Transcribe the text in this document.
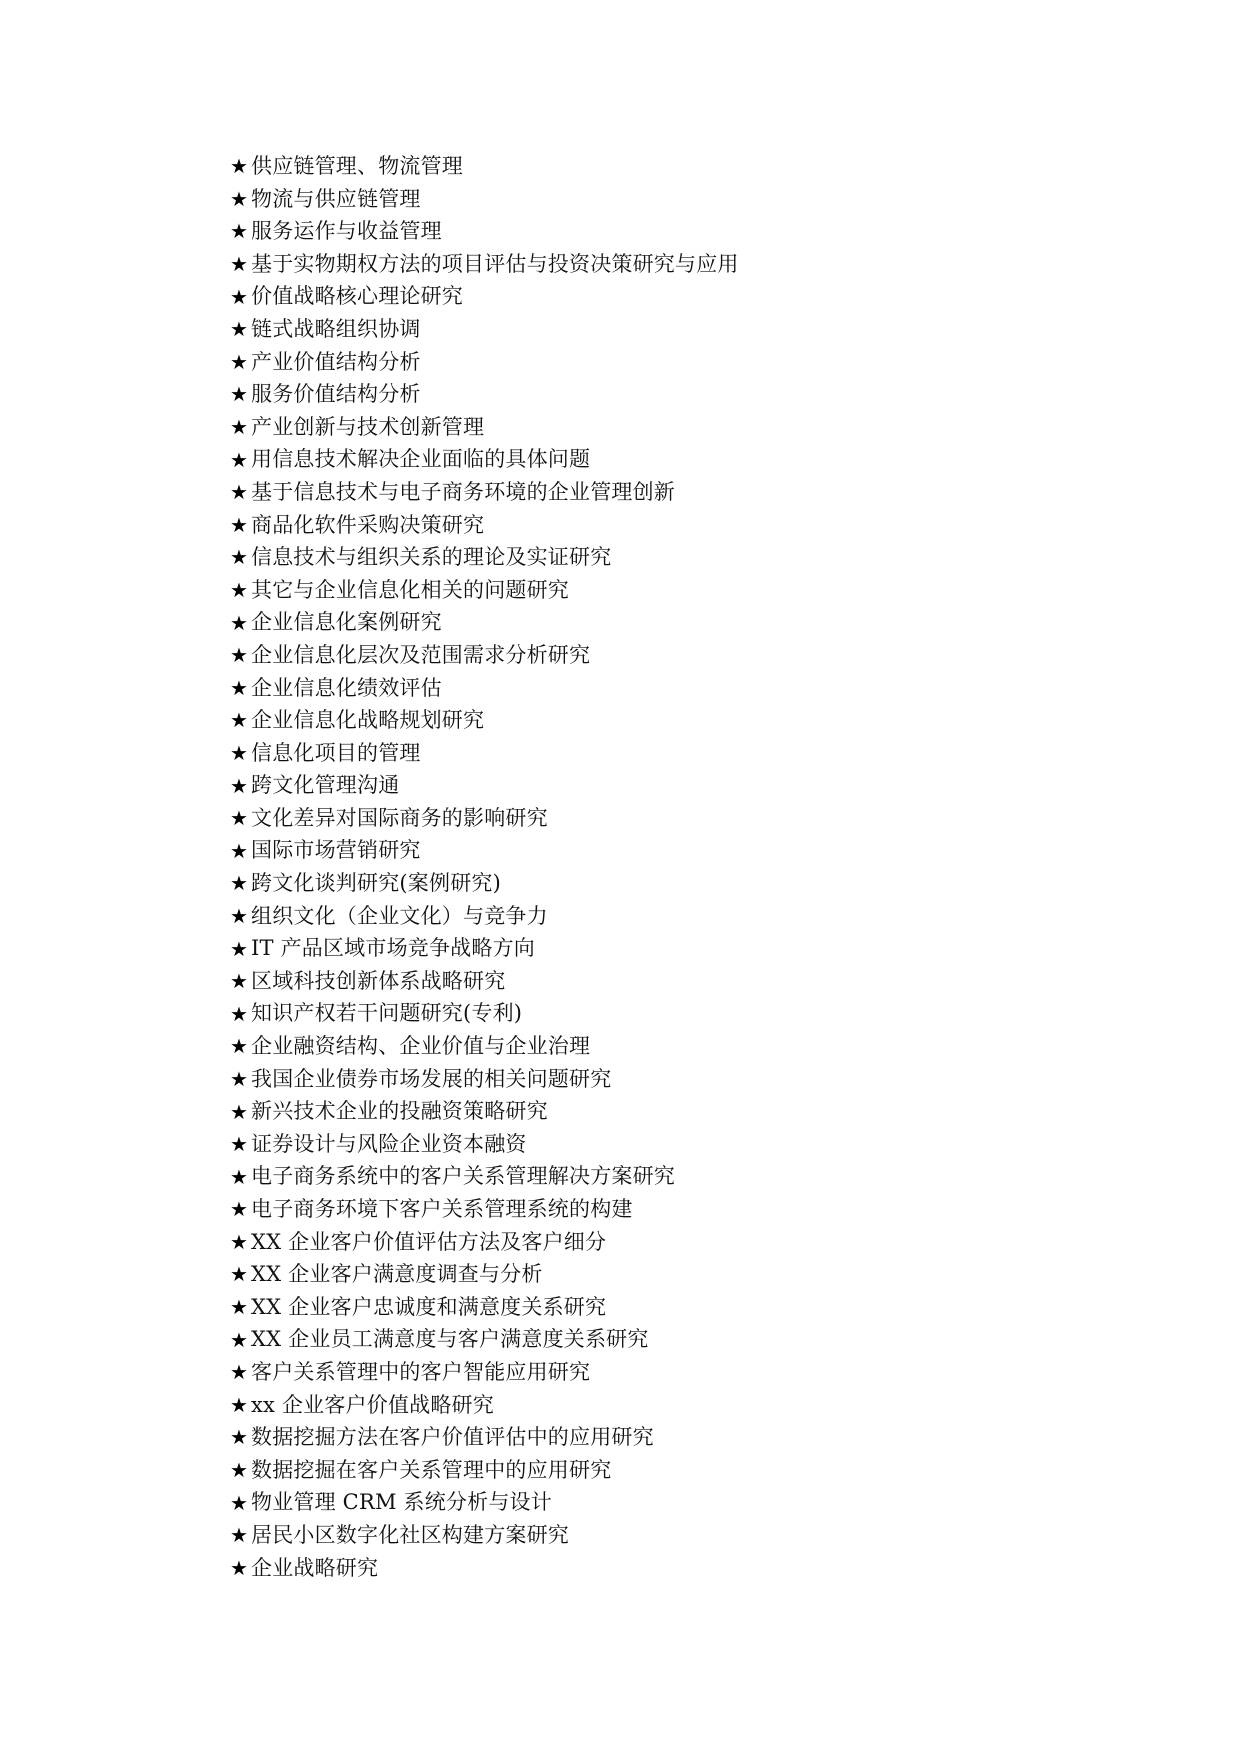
★ 供应链管理、物流管理
★ 物流与供应链管理
★ 服务运作与收益管理
★ 基于实物期权方法的项目评估与投资决策研究与应用
★ 价值战略核心理论研究
★ 链式战略组织协调
★ 产业价值结构分析
★ 服务价值结构分析
★ 产业创新与技术创新管理
★ 用信息技术解决企业面临的具体问题
★ 基于信息技术与电子商务环境的企业管理创新
★ 商品化软件采购决策研究
★ 信息技术与组织关系的理论及实证研究
★ 其它与企业信息化相关的问题研究
★ 企业信息化案例研究
★ 企业信息化层次及范围需求分析研究
★ 企业信息化绩效评估
★ 企业信息化战略规划研究
★ 信息化项目的管理
★ 跨文化管理沟通
★ 文化差异对国际商务的影响研究
★ 国际市场营销研究
★ 跨文化谈判研究(案例研究)
★ 组织文化（企业文化）与竞争力
★ IT 产品区域市场竞争战略方向
★ 区域科技创新体系战略研究
★ 知识产权若干问题研究(专利)
★ 企业融资结构、企业价值与企业治理
★ 我国企业债券市场发展的相关问题研究
★ 新兴技术企业的投融资策略研究
★ 证券设计与风险企业资本融资
★ 电子商务系统中的客户关系管理解决方案研究
★ 电子商务环境下客户关系管理系统的构建
★ XX 企业客户价值评估方法及客户细分
★ XX 企业客户满意度调查与分析
★ XX 企业客户忠诚度和满意度关系研究
★ XX 企业员工满意度与客户满意度关系研究
★ 客户关系管理中的客户智能应用研究
★ xx 企业客户价值战略研究
★ 数据挖掘方法在客户价值评估中的应用研究
★ 数据挖掘在客户关系管理中的应用研究
★ 物业管理 CRM 系统分析与设计
★ 居民小区数字化社区构建方案研究
★ 企业战略研究
